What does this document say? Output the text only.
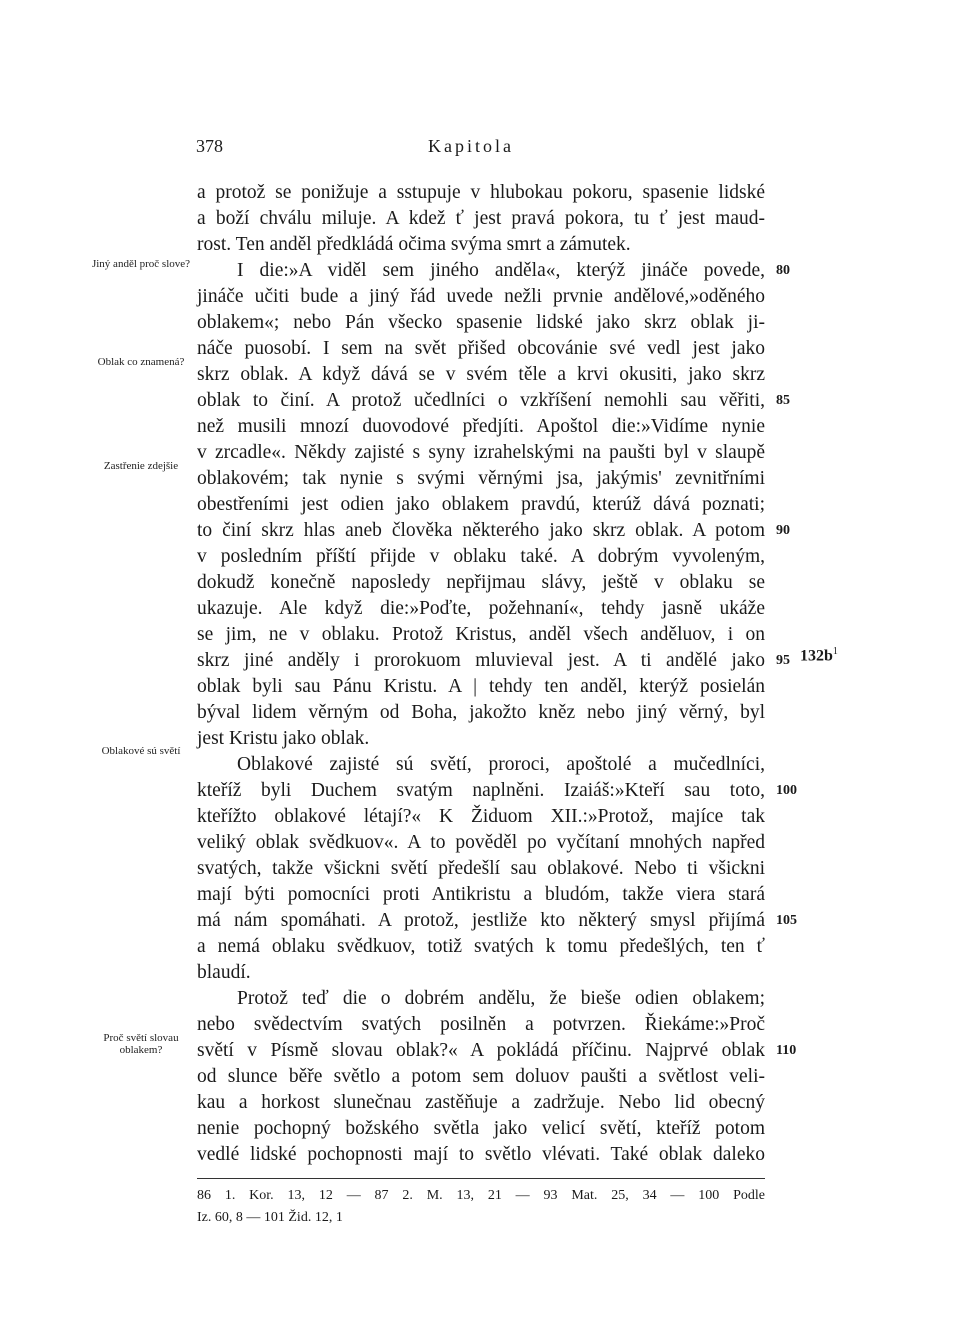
378	Kapitola
a protož se ponižuje a sstupuje v hlubokau pokoru, spasenie lidské
a boží chválu miluje. A kdež ť jest pravá pokora, tu ť jest maud-
rost. Ten anděl předkládá očima svýma smrt a zámutek.
I die:»A viděl sem jiného anděla«, kterýž jináče povede,
jináče učiti bude a jiný řád uvede nežli prvnie andělové,»oděného
oblakem«; nebo Pán všecko spasenie lidské jako skrz oblak ji-
náče puosobí. I sem na svět přišed obcovánie své vedl jest jako
skrz oblak. A když dává se v svém těle a krvi okusiti, jako skrz
oblak to činí. A protož učedlníci o vzkříšení nemohli sau věřiti,
než musili mnozí duovodové předjíti. Apoštol die:»Vidíme nynie
v zrcadle«. Někdy zajisté s syny izrahelskými na paušti byl v slaupě
oblakovém; tak nynie s svými věrnými jsa, jakýmis' zevnitřními
obestřeními jest odien jako oblakem pravdú, kterúž dává poznati;
to činí skrz hlas aneb člověka některého jako skrz oblak. A potom
v posledním příští přijde v oblaku také. A dobrým vyvoleným,
dokudž konečně naposledy nepřijmau slávy, ještě v oblaku se
ukazuje. Ale když die:»Poďte, požehnaní«, tehdy jasně ukáže
se jim, ne v oblaku. Protož Kristus, anděl všech anděluov, i on
skrz jiné anděly i prorokuom mluvieval jest. A ti andělé jako
oblak byli sau Pánu Kristu. A | tehdy ten anděl, kterýž posielán
býval lidem věrným od Boha, jakožto kněz nebo jiný věrný, byl
jest Kristu jako oblak.
Oblakové zajisté sú světí, proroci, apoštolé a mučedlníci,
kteříž byli Duchem svatým naplněni. Izaiáš:»Kteří sau toto,
kteřížto oblakové létají?« K Židuom XII.:»Protož, majíce tak
veliký oblak svědkuov«. A to pověděl po vyčítaní mnohých napřed
svatých, takže všickni světí předešlí sau oblakové. Nebo ti všickni
mají býti pomocníci proti Antikristu a bludóm, takže viera stará
má nám spomáhati. A protož, jestliže kto některý smysl přijímá
a nemá oblaku svědkuov, totiž svatých k tomu předešlých, ten ť
blaudí.
Protož teď die o dobrém andělu, že bieše odien oblakem;
nebo svědectvím svatých posilněn a potvrzen. Řiekáme:»Proč
světí v Písmě slovau oblak?« A pokládá příčinu. Najprvé oblak
od slunce běře světlo a potom sem doluov paušti a světlost veli-
kau a horkost slunečnau zastěňuje a zadržuje. Nebo lid obecný
nenie pochopný božského světla jako velicí světí, kteříž potom
vedlé lidské pochopnosti mají to světlo vlévati. Také oblak daleko
Jiný anděl proč slove?
Oblak co znamená?
Zastřenie zdejšie
Oblakové sú světí
Proč světí slovau oblakem?
80
85
90
95
100
105
110
$132b^1$
86 1. Kor. 13, 12 — 87 2. M. 13, 21 — 93 Mat. 25, 34 — 100 Podle
Iz. 60, 8 — 101 Žid. 12, 1
